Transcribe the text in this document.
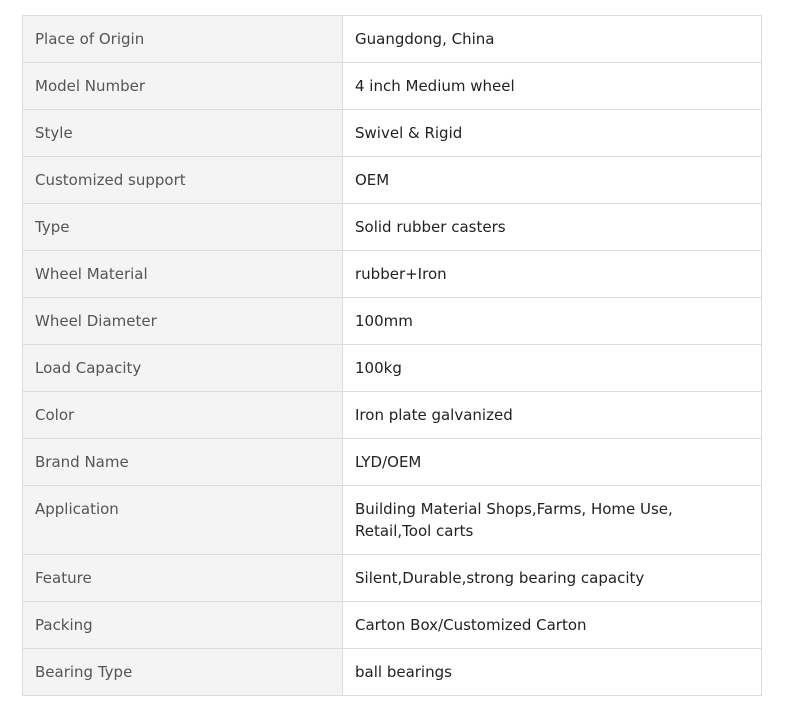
Place of Origin	Guangdong, China
Model Number	4 inch Medium wheel
Style	Swivel & Rigid
Customized support	OEM
Type	Solid rubber casters
Wheel Material	rubber+Iron
Wheel Diameter	100mm
Load Capacity	100kg
Color	Iron plate galvanized
Brand Name	LYD/OEM
Application	Building Material Shops,Farms, Home Use, Retail,Tool carts
Feature	Silent,Durable,strong bearing capacity
Packing	Carton Box/Customized Carton
Bearing Type	ball bearings
